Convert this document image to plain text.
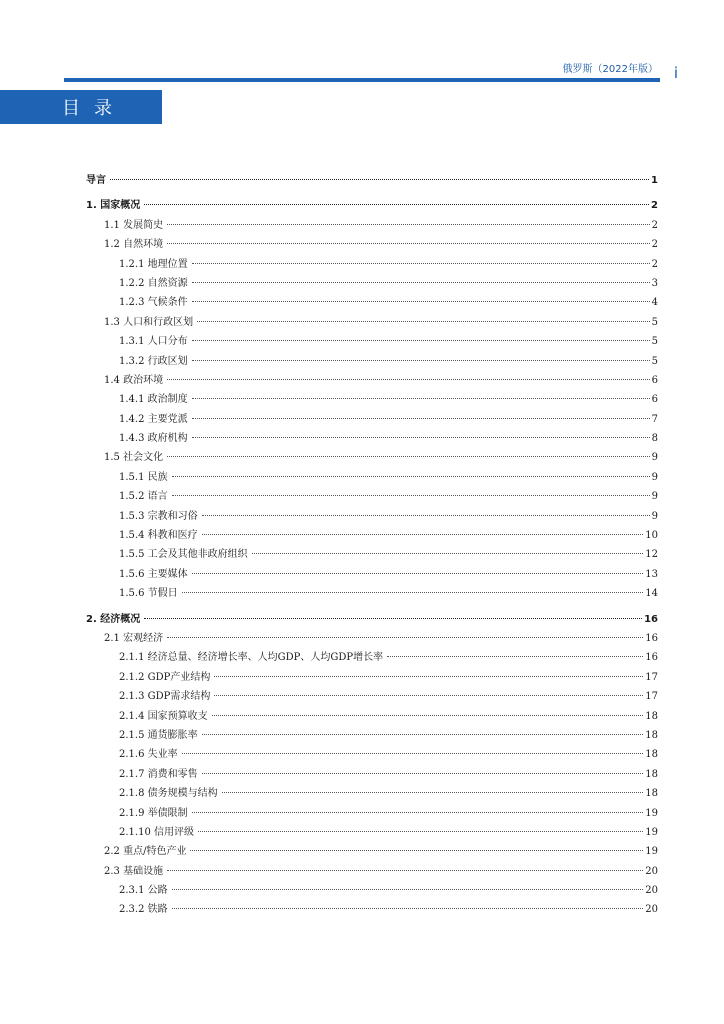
俄罗斯（2022年版） i
目录
导言	1
1. 国家概况	2
1.1 发展简史	2
1.2 自然环境	2
1.2.1 地理位置	2
1.2.2 自然资源	3
1.2.3 气候条件	4
1.3 人口和行政区划	5
1.3.1 人口分布	5
1.3.2 行政区划	5
1.4 政治环境	6
1.4.1 政治制度	6
1.4.2 主要党派	7
1.4.3 政府机构	8
1.5 社会文化	9
1.5.1 民族	9
1.5.2 语言	9
1.5.3 宗教和习俗	9
1.5.4 科教和医疗	10
1.5.5 工会及其他非政府组织	12
1.5.6 主要媒体	13
1.5.6 节假日	14
2. 经济概况	16
2.1 宏观经济	16
2.1.1 经济总量、经济增长率、人均GDP、人均GDP增长率	16
2.1.2 GDP产业结构	17
2.1.3 GDP需求结构	17
2.1.4 国家预算收支	18
2.1.5 通货膨胀率	18
2.1.6 失业率	18
2.1.7 消费和零售	18
2.1.8 债务规模与结构	18
2.1.9 举债限制	19
2.1.10 信用评级	19
2.2 重点/特色产业	19
2.3 基础设施	20
2.3.1 公路	20
2.3.2 铁路	20
